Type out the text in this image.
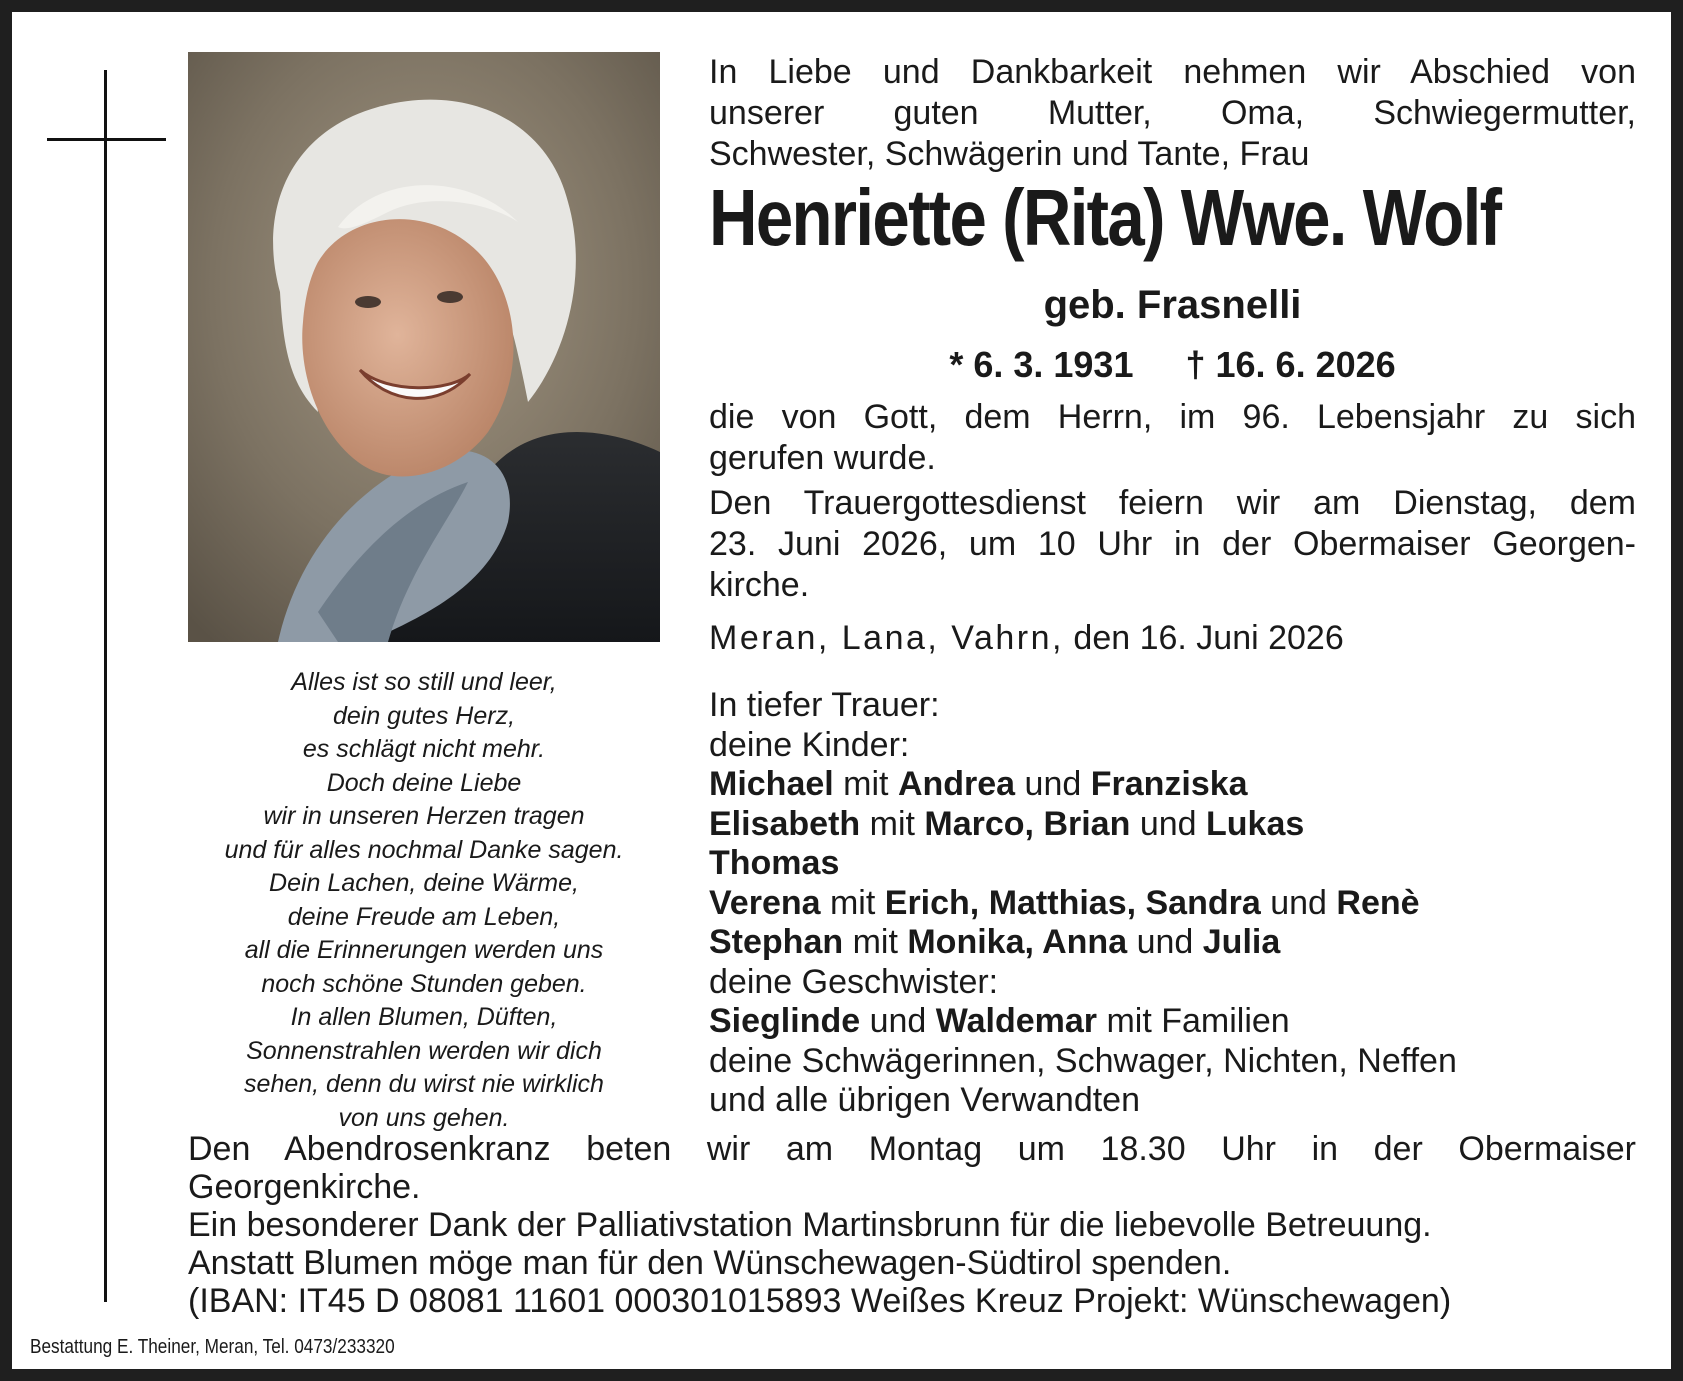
Alles ist so still und leer,
dein gutes Herz,
es schlägt nicht mehr.
Doch deine Liebe
wir in unseren Herzen tragen
und für alles nochmal Danke sagen.
Dein Lachen, deine Wärme,
deine Freude am Leben,
all die Erinnerungen werden uns
noch schöne Stunden geben.
In allen Blumen, Düften,
Sonnenstrahlen werden wir dich
sehen, denn du wirst nie wirklich
von uns gehen.
In Liebe und Dankbarkeit nehmen wir Abschied von
unserer guten Mutter, Oma, Schwiegermutter,
Schwester, Schwägerin und Tante, Frau
Henriette (Rita) Wwe. Wolf
geb. Frasnelli
* 6. 3. 1931 † 16. 6. 2026
die von Gott, dem Herrn, im 96. Lebensjahr zu sich
gerufen wurde.
Den Trauergottesdienst feiern wir am Dienstag, dem
23. Juni 2026, um 10 Uhr in der Obermaiser Georgen-
kirche.
Meran, Lana, Vahrn, den 16. Juni 2026
In tiefer Trauer:
deine Kinder:
Michael mit Andrea und Franziska
Elisabeth mit Marco, Brian und Lukas
Thomas
Verena mit Erich, Matthias, Sandra und Renè
Stephan mit Monika, Anna und Julia
deine Geschwister:
Sieglinde und Waldemar mit Familien
deine Schwägerinnen, Schwager, Nichten, Neffen
und alle übrigen Verwandten
Den Abendrosenkranz beten wir am Montag um 18.30 Uhr in der Obermaiser
Georgenkirche.
Ein besonderer Dank der Palliativstation Martinsbrunn für die liebevolle Betreuung.
Anstatt Blumen möge man für den Wünschewagen-Südtirol spenden.
(IBAN: IT45 D 08081 11601 000301015893 Weißes Kreuz Projekt: Wünschewagen)
Bestattung E. Theiner, Meran, Tel. 0473/233320
